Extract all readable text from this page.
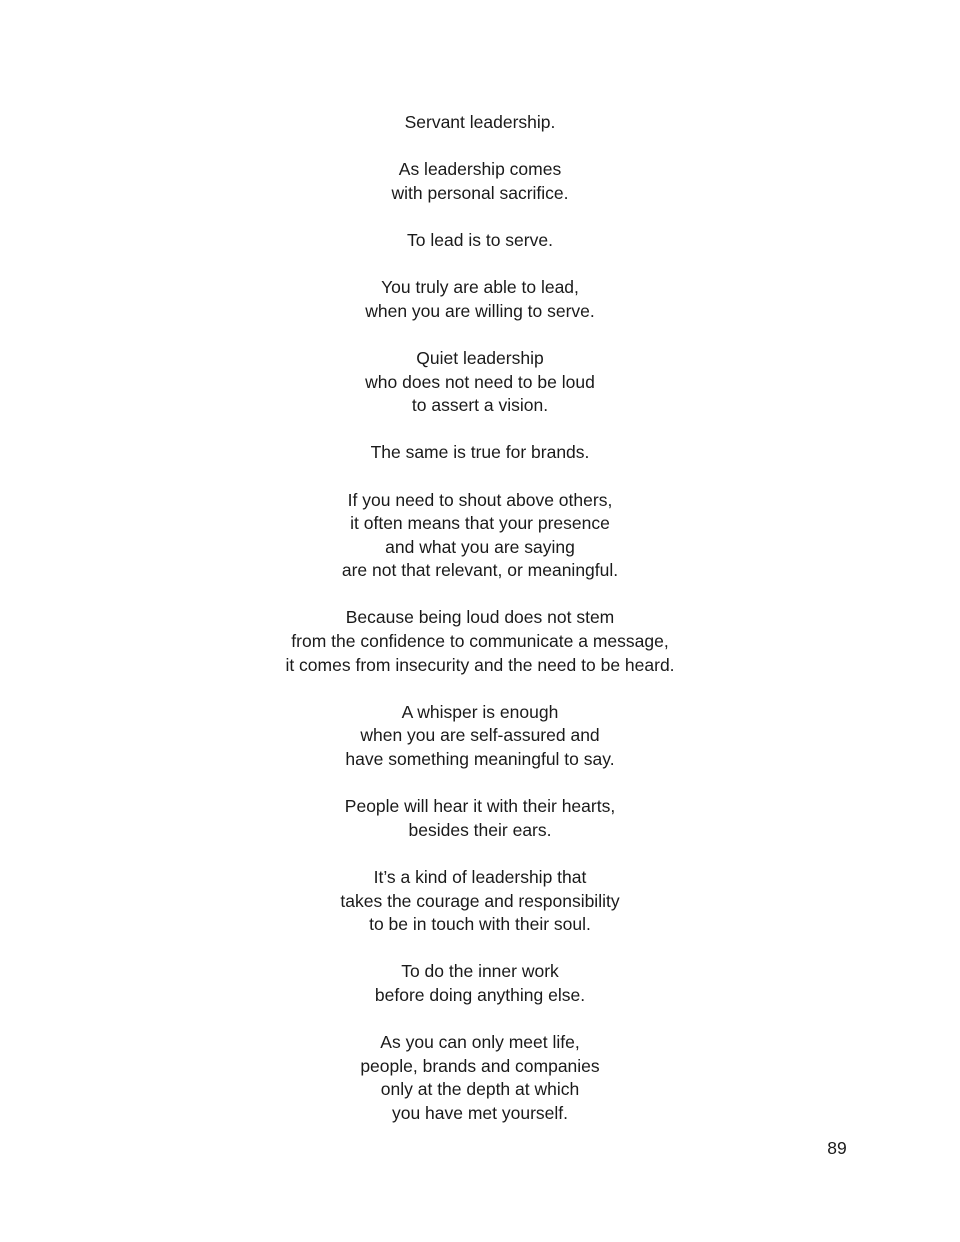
Servant leadership.

As leadership comes
with personal sacrifice.

To lead is to serve.

You truly are able to lead,
when you are willing to serve.

Quiet leadership
who does not need to be loud
to assert a vision.

The same is true for brands.

If you need to shout above others,
it often means that your presence
and what you are saying
are not that relevant, or meaningful.

Because being loud does not stem
from the confidence to communicate a message,
it comes from insecurity and the need to be heard.

A whisper is enough
when you are self-assured and
have something meaningful to say.

People will hear it with their hearts,
besides their ears.

It’s a kind of leadership that
takes the courage and responsibility
to be in touch with their soul.

To do the inner work
before doing anything else.

As you can only meet life,
people, brands and companies
only at the depth at which
you have met yourself.

89
